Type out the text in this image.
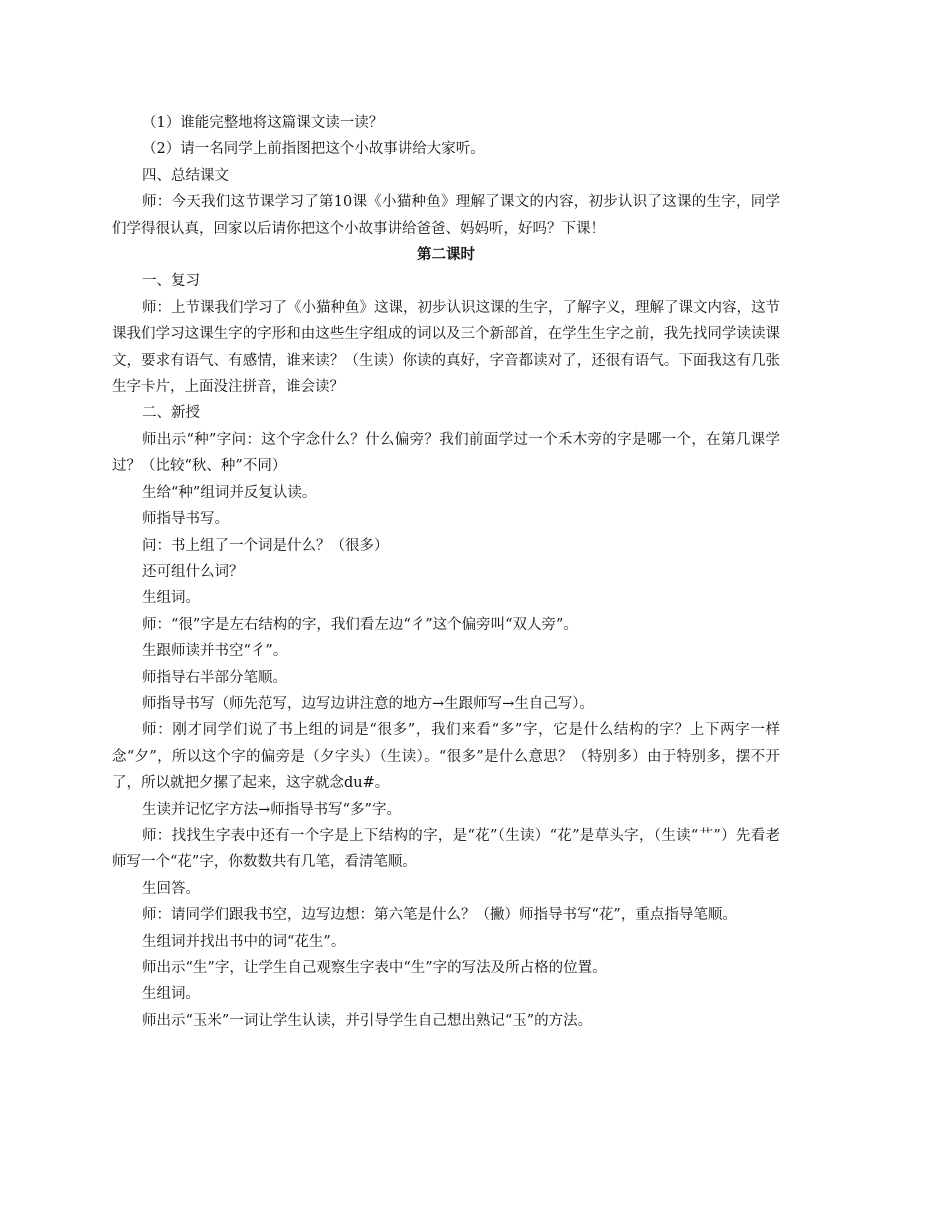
（1）谁能完整地将这篇课文读一读？

（2）请一名同学上前指图把这个小故事讲给大家听。

四、总结课文

师：今天我们这节课学习了第10课《小猫种鱼》理解了课文的内容，初步认识了这课的生字，同学们学得很认真，回家以后请你把这个小故事讲给爸爸、妈妈听，好吗？下课！

第二课时

一、复习

师：上节课我们学习了《小猫种鱼》这课，初步认识这课的生字，了解字义，理解了课文内容，这节课我们学习这课生字的字形和由这些生字组成的词以及三个新部首，在学生生字之前，我先找同学读读课文，要求有语气、有感情，谁来读？（生读）你读的真好，字音都读对了，还很有语气。下面我这有几张生字卡片，上面没注拼音，谁会读？

二、新授

师出示“种”字问：这个字念什么？什么偏旁？我们前面学过一个禾木旁的字是哪一个，在第几课学过？（比较“秋、种”不同）

生给“种”组词并反复认读。

师指导书写。

问：书上组了一个词是什么？（很多）

还可组什么词？

生组词。

师：“很”字是左右结构的字，我们看左边“彳”这个偏旁叫“双人旁”。

生跟师读并书空“彳”。

师指导右半部分笔顺。

师指导书写（师先范写，边写边讲注意的地方→生跟师写→生自己写）。

师：刚才同学们说了书上组的词是“很多”，我们来看“多”字，它是什么结构的字？上下两字一样念“夕”，所以这个字的偏旁是（夕字头）（生读）。“很多”是什么意思？（特别多）由于特别多，摆不开了，所以就把夕摞了起来，这字就念du#。

生读并记忆字方法→师指导书写“多”字。

师：找找生字表中还有一个字是上下结构的字，是“花”（生读）“花”是草头字，（生读“艹”）先看老师写一个“花”字，你数数共有几笔，看清笔顺。

生回答。

师：请同学们跟我书空，边写边想：第六笔是什么？（撇）师指导书写“花”，重点指导笔顺。

生组词并找出书中的词“花生”。

师出示“生”字，让学生自己观察生字表中“生”字的写法及所占格的位置。

生组词。

师出示“玉米”一词让学生认读，并引导学生自己想出熟记“玉”的方法。
